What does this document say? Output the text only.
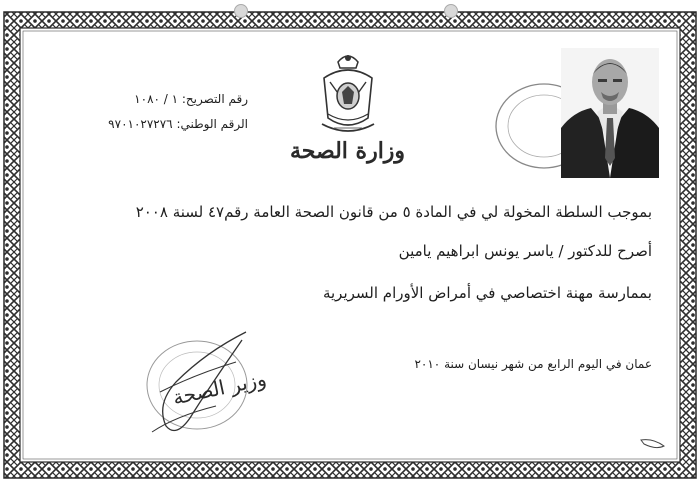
رقم التصريح: ١ / ١٠٨٠
الرقم الوطني: ٩٧٠١٠٢٧٢٧٦
وزارة الصحة
بموجب السلطة المخولة لي في المادة ٥ من قانون الصحة العامة رقم٤٧ لسنة ٢٠٠٨
أصرح للدكتور / ياسر يونس ابراهيم يامين
بممارسة مهنة اختصاصي في أمراض الأورام السريرية
عمان في اليوم الرابع من شهر نيسان سنة ٢٠١٠
وزير الصحة
